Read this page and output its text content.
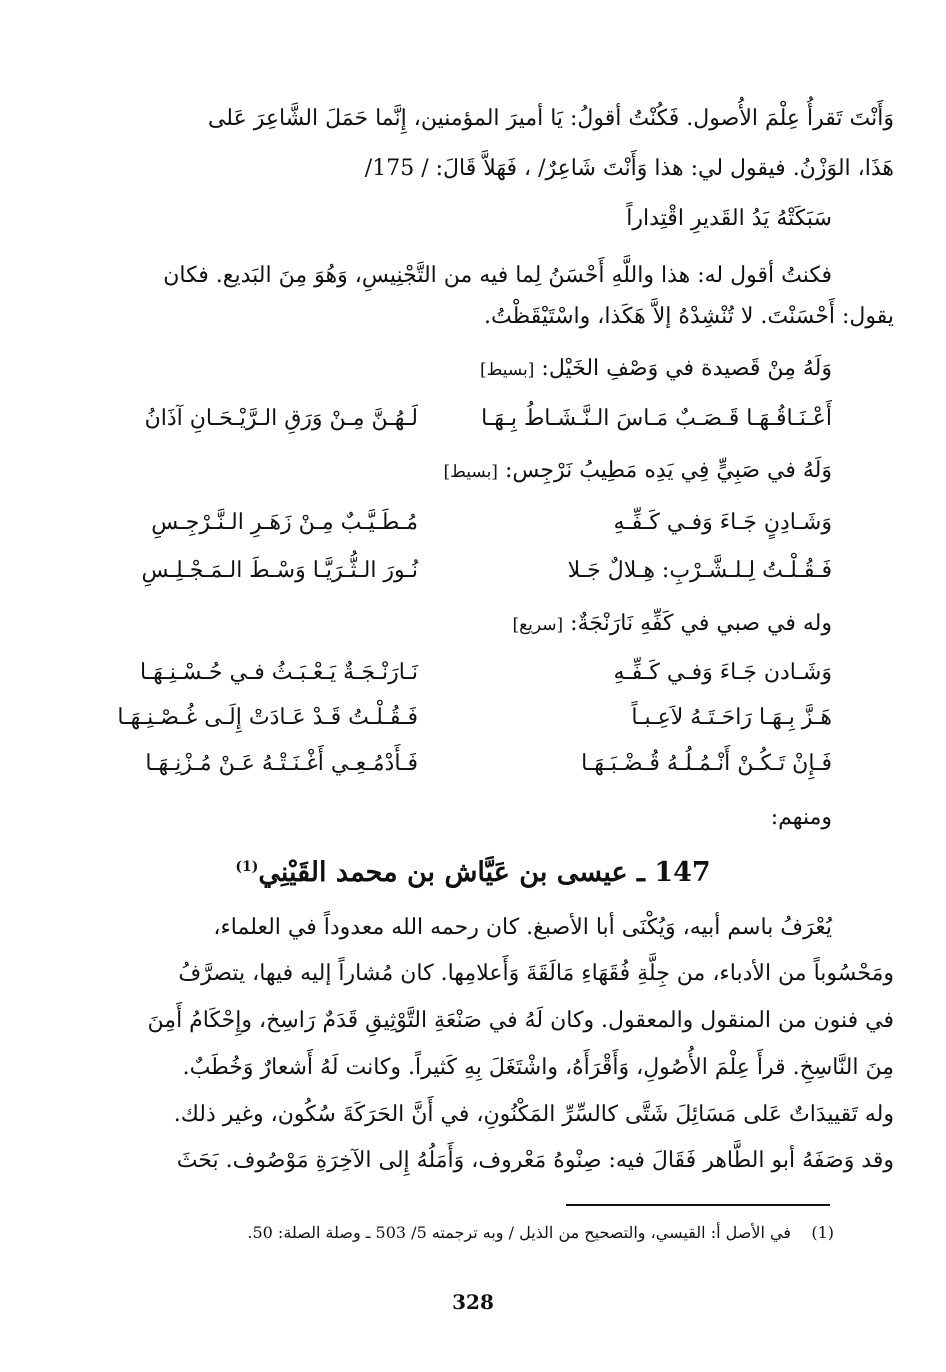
وَأَنْتَ تَقرأُ عِلْمَ الأُصول. فَكُنْتُ أقولُ: يَا أميرَ المؤمنين، إِنَّما حَمَلَ الشَّاعِرَ عَلى
هَذَا، الوَزْنُ. فيقول لي: هذا وَأَنْتَ شَاعِرٌ/ ، فَهَلاَّ قَالَ: / 175/
سَبَكَتْهُ يَدُ القَديرِ اقْتِداراً
فكنتُ أقول له: هذا واللَّهِ أَحْسَنُ لِما فيه من التَّجْنِيسِ، وَهُوَ مِنَ البَديع. فكان
يقول: أَحْسَنْتَ. لا تُنْشِدْهُ إلاَّ هَكَذا، واسْتَيْقَظْتُ.
وَلَهُ مِنْ قَصيدة في وَصْفِ الخَيْل: [بسيط]
أَعْـنَـاقُـهَـا قَـصَـبٌ مَـاسَ الـنَّـشَـاطُ بِـهَـا
لَـهُـنَّ مِـنْ وَرَقِ الـرَّيْـحَـانِ آذَانُ
وَلَهُ في صَبِيٍّ فِي يَدِه مَطِيبُ نَرْجِس: [بسيط]
وَشَـادِنٍ جَـاءَ وَفـي كَـفِّـهِ
مُـطَـيَّـبٌ مِـنْ زَهَـرِ الـنَّـرْجِـسِ
فَـقُـلْـتُ لِـلـشَّـرْبِ: هِـلالٌ جَـلا
نُـورَ الـثُّـرَيَّـا وَسْـطَ الـمَـجْـلِـسِ
وله في صبي في كَفِّهِ نَارَنْجَةٌ: [سريع]
وَشَـادن جَـاءَ وَفـي كَـفِّـهِ
نَـارَنْـجَـةٌ يَـعْـبَـثُ فـي حُـسْـنِـهَـا
هَـزَّ بِـهَـا رَاحَـتَـهُ لاَعِـبـاً
فَـقُـلْـتُ قَـدْ عَـادَتْ إِلَـى غُـصْـنِـهَـا
فَـإِنْ تَـكُـنْ أَنْـمُـلُـهُ قُـضْـبَـهَـا
فَـأَدْمُـعِـي أَغْـنَـتْـهُ عَـنْ مُـزْنِـهَـا
ومنهم:
147 ـ عيسى بن عَيَّاش بن محمد القَيْنِي$^{(1)}$
يُعْرَفُ باسم أبيه، وَيُكْنَى أبا الأصبغ. كان رحمه الله معدوداً في العلماء،
ومَحْسُوباً من الأدباء، من جِلَّةِ فُقَهَاءِ مَالَقَةَ وَأَعلامِها. كان مُشاراً إليه فيها، يتصرَّفُ
في فنون من المنقول والمعقول. وكان لَهُ في صَنْعَةِ التَّوْثِيقِ قَدَمٌ رَاسِخ، وإِحْكَامُ أَمِنَ
مِنَ النَّاسِخِ. قرأَ عِلْمَ الأُصُولِ، وَأَقْرَأَهُ، واشْتَغَلَ بِهِ كَثيراً. وكانت لَهُ أَشعارٌ وَخُطَبٌ.
وله تَقييدَاتٌ عَلى مَسَائِلَ شَتَّى كالسِّرِّ المَكْنُونِ، في أَنَّ الحَرَكَةَ سُكُون، وغير ذلك.
وقد وَصَفَهُ أبو الطَّاهر فَقَالَ فيه: صِنْوهُ مَعْروف، وَأَمَلُهُ إِلى الآخِرَةِ مَوْصُوف. بَحَثَ
(1)    في الأصل أ: القيسي، والتصحيح من الذيل / وبه ترجمته 5/ 503 ـ وصلة الصلة: 50.
328
